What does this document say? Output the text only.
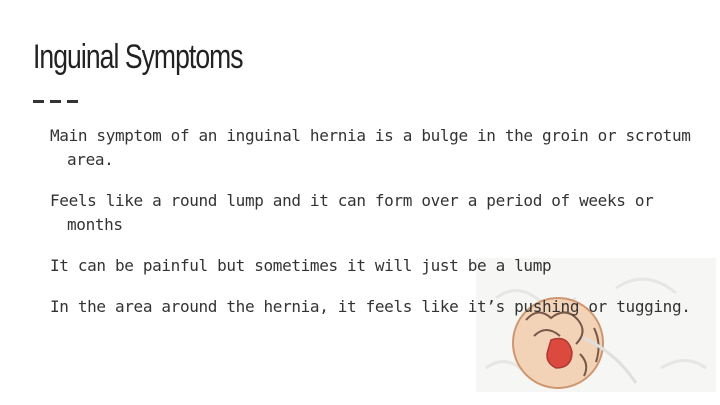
Inguinal Symptoms
Main symptom of an inguinal hernia is a bulge in the groin or scrotum area.
Feels like a round lump and it can form over a period of weeks or months
It can be painful but sometimes it will just be a lump
In the area around the hernia, it feels like it’s pushing or tugging.
